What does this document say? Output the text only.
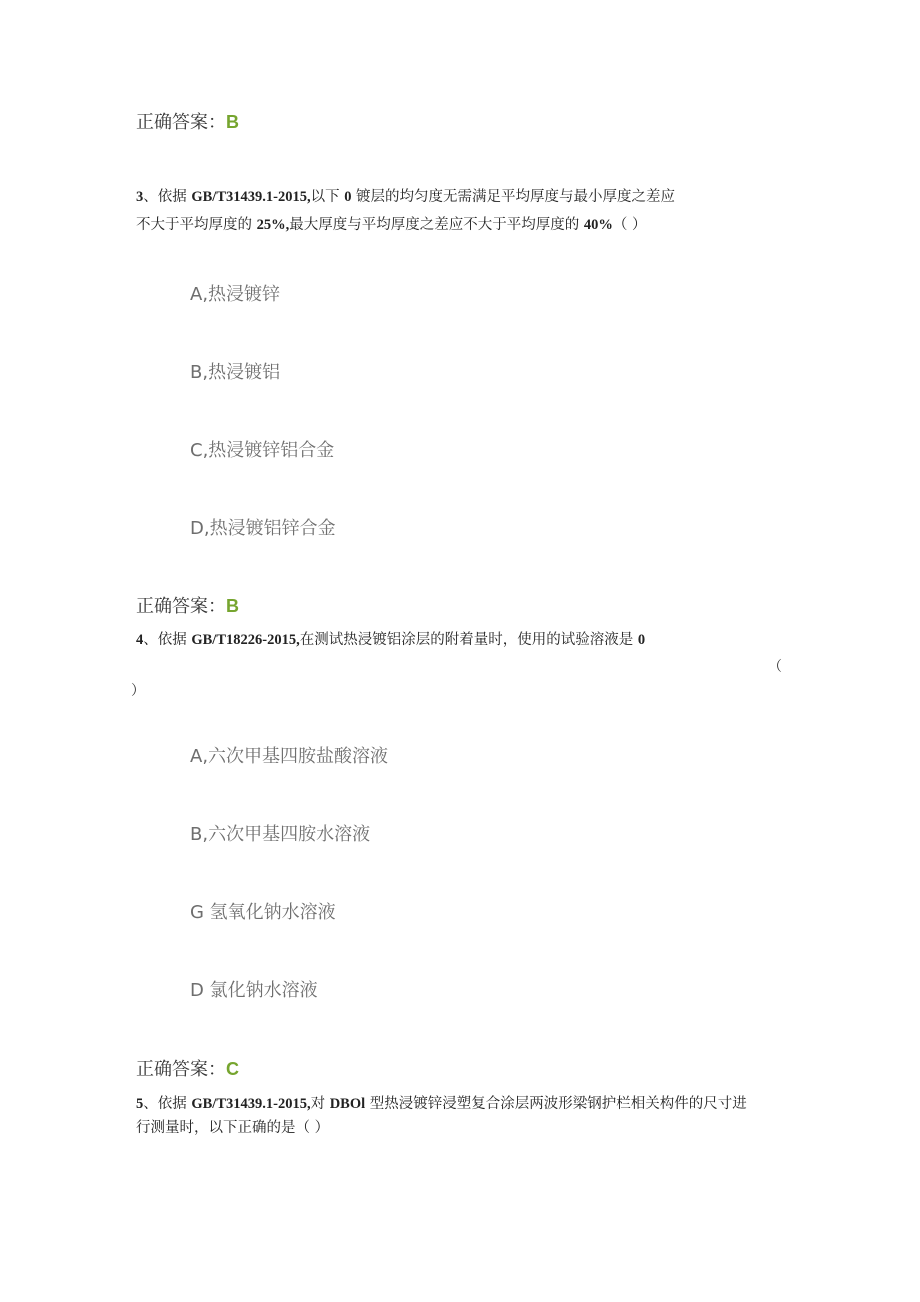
正确答案：B
3、依据 GB/T31439.1-2015,以下 0 镀层的均匀度无需满足平均厚度与最小厚度之差应
不大于平均厚度的 25%,最大厚度与平均厚度之差应不大于平均厚度的 40%（ ）
A,热浸镀锌
B,热浸镀铝
C,热浸镀锌铝合金
D,热浸镀铝锌合金
正确答案：B
4、依据 GB/T18226-2015,在测试热浸镀铝涂层的附着量时，使用的试验溶液是 0
（
）
A,六次甲基四胺盐酸溶液
B,六次甲基四胺水溶液
G 氢氧化钠水溶液
D 氯化钠水溶液
正确答案：C
5、依据 GB/T31439.1-2015,对 DBOl 型热浸镀锌浸塑复合涂层两波形梁钢护栏相关构件的尺寸进
行测量时，以下正确的是（ ）
